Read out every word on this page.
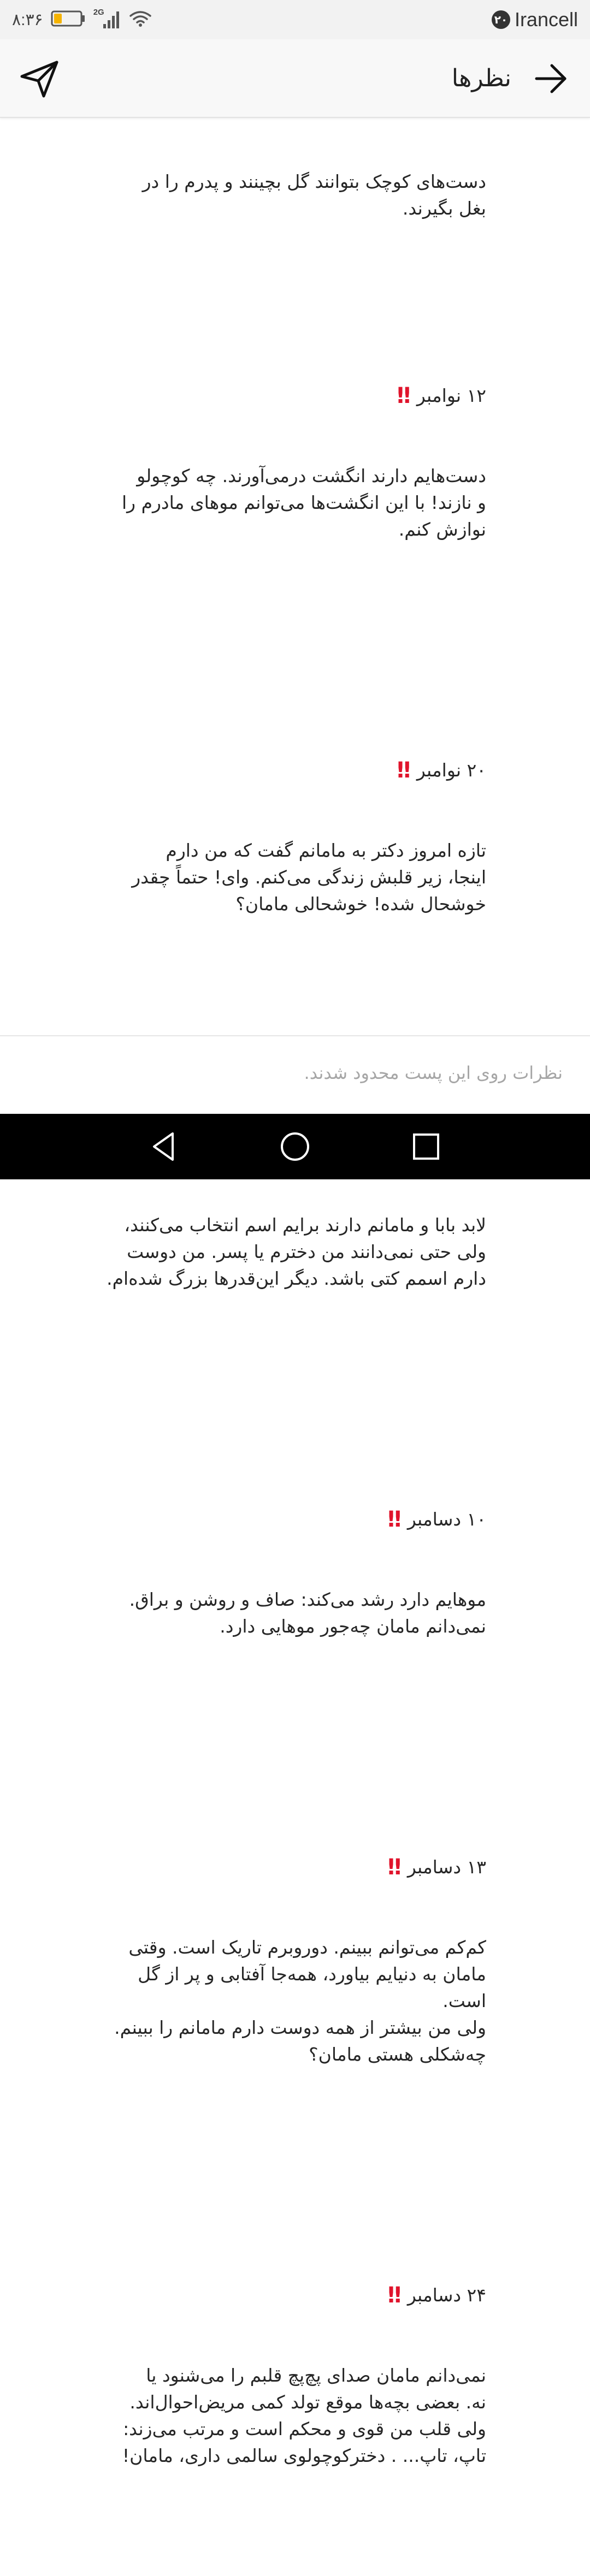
۸:۳۶	2G
۲۰ Irancell
نظرها

دست‌های کوچک بتوانند گل بچینند و پدرم را در
بغل بگیرند.

۱۲ نوامبر !!

دست‌هایم دارند انگشت درمی‌آورند. چه کوچولو
و نازند! با این انگشت‌ها می‌توانم موهای مادرم را
نوازش کنم.

۲۰ نوامبر !!

تازه امروز دکتر به مامانم گفت که من دارم
اینجا، زیر قلبش زندگی می‌کنم. وای! حتماً چقدر
خوشحال شده! خوشحالی مامان؟

لابد بابا و مامانم دارند برایم اسم انتخاب می‌کنند،
ولی حتی نمی‌دانند من دخترم یا پسر. من دوست
دارم اسمم کتی باشد. دیگر این‌قدرها بزرگ شده‌ام.

۱۰ دسامبر !!

موهایم دارد رشد می‌کند: صاف و روشن و براق.
نمی‌دانم مامان چه‌جور موهایی دارد.

۱۳ دسامبر !!

کم‌کم می‌توانم ببینم. دوروبرم تاریک است. وقتی
مامان به دنیایم بیاورد، همه‌جا آفتابی و پر از گل
است.
ولی من بیشتر از همه دوست دارم مامانم را ببینم.
چه‌شکلی هستی مامان؟

۲۴ دسامبر !!

نمی‌دانم مامان صدای پچ‌پچ قلبم را می‌شنود یا
نه. بعضی بچه‌ها موقع تولد کمی مریض‌احوال‌اند.
ولی قلب من قوی و محکم است و مرتب می‌زند:
تاپ، تاپ... . دخترکوچولوی سالمی داری، مامان!

نظرات روی این پست محدود شدند.
